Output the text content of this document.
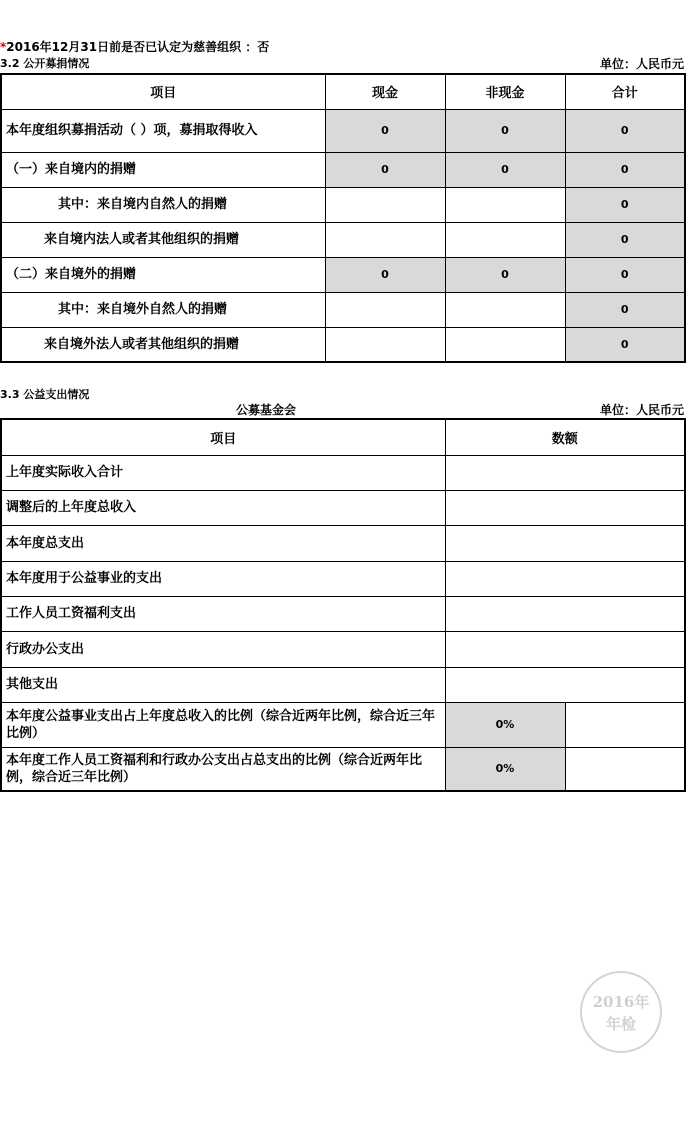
*2016年12月31日前是否已认定为慈善组织 ：否
3.2 公开募捐情况	单位：人民币元
项目	现金	非现金	合计
本年度组织募捐活动（ ）项，募捐取得收入	0	0	0
（一）来自境内的捐赠	0	0	0
其中：来自境内自然人的捐赠			0
来自境内法人或者其他组织的捐赠			0
（二）来自境外的捐赠	0	0	0
其中：来自境外自然人的捐赠			0
来自境外法人或者其他组织的捐赠			0
3.3 公益支出情况
公募基金会	单位：人民币元
项目	数额	
上年度实际收入合计		
调整后的上年度总收入		
本年度总支出		
本年度用于公益事业的支出		
工作人员工资福利支出		
行政办公支出		
其他支出		
本年度公益事业支出占上年度总收入的比例（综合近两年比例，综合近三年比例）	0%	
本年度工作人员工资福利和行政办公支出占总支出的比例（综合近两年比例，综合近三年比例）	0%	
2016年
年检
